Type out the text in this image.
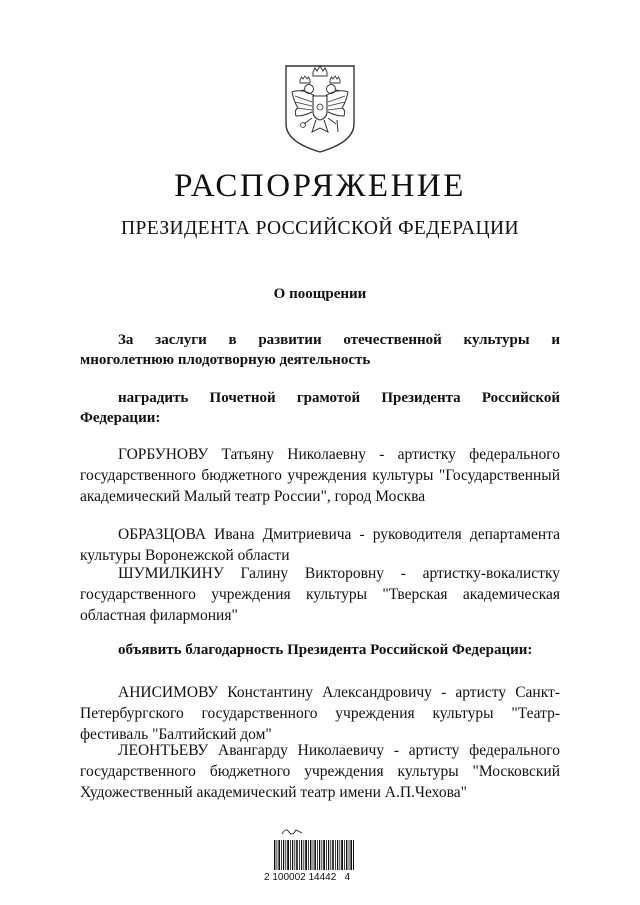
РАСПОРЯЖЕНИЕ
ПРЕЗИДЕНТА РОССИЙСКОЙ ФЕДЕРАЦИИ
О поощрении
За заслуги в развитии отечественной культуры и
многолетнюю плодотворную деятельность
наградить Почетной грамотой Президента Российской
Федерации:
ГОРБУНОВУ Татьяну Николаевну - артистку федерального государственного бюджетного учреждения культуры "Государственный академический Малый театр России", город Москва
ОБРАЗЦОВА Ивана Дмитриевича - руководителя департамента культуры Воронежской области
ШУМИЛКИНУ Галину Викторовну - артистку-вокалистку государственного учреждения культуры "Тверская академическая областная филармония"
объявить благодарность Президента Российской Федерации:
АНИСИМОВУ Константину Александровичу - артисту Санкт-Петербургского государственного учреждения культуры "Театр-фестиваль "Балтийский дом"
ЛЕОНТЬЕВУ Авангарду Николаевичу - артисту федерального государственного бюджетного учреждения культуры "Московский Художественный академический театр имени А.П.Чехова"
2 100002 14442   4
